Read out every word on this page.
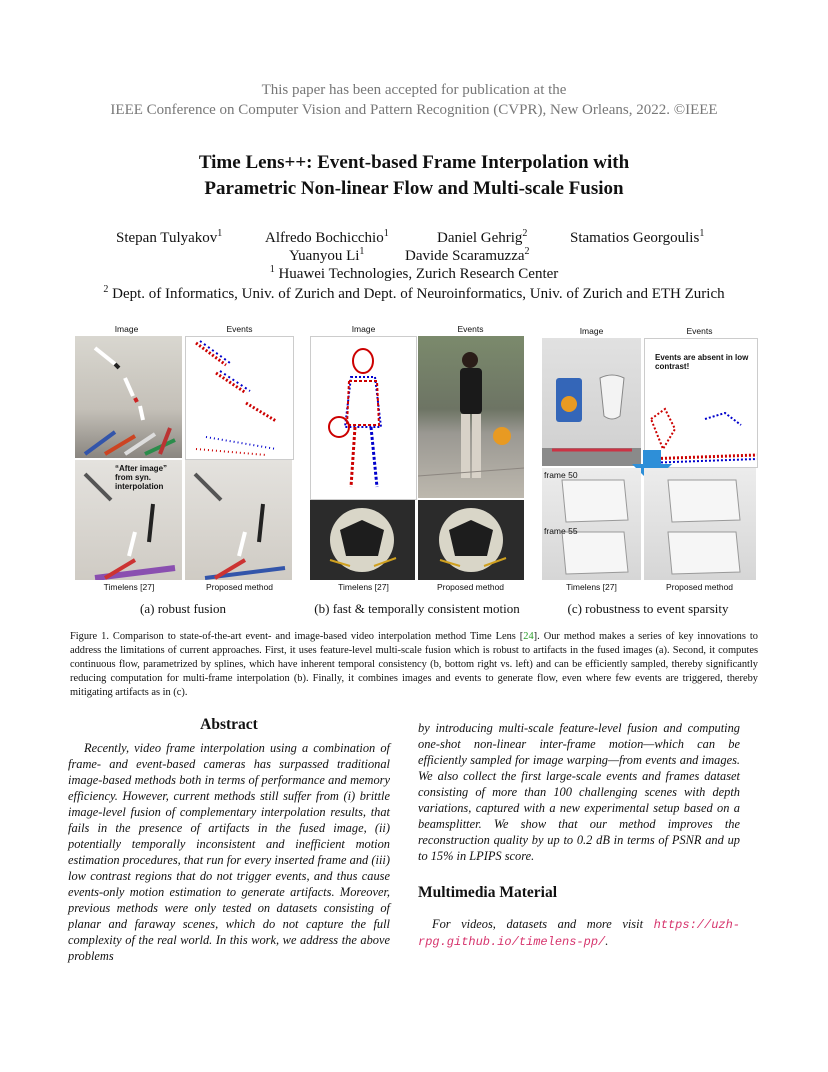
This paper has been accepted for publication at the
IEEE Conference on Computer Vision and Pattern Recognition (CVPR), New Orleans, 2022. ©IEEE
Time Lens++: Event-based Frame Interpolation with
Parametric Non-linear Flow and Multi-scale Fusion
Stepan Tulyakov$^1$	Alfredo Bochicchio$^1$	Daniel Gehrig$^2$	Stamatios Georgoulis$^1$
Yuanyou Li$^1$	Davide Scaramuzza$^2$
$^1$ Huawei Technologies, Zurich Research Center
$^2$ Dept. of Informatics, Univ. of Zurich and Dept. of Neuroinformatics, Univ. of Zurich and ETH Zurich
Image	Events
“After image” from syn. interpolation
Timelens [27]	Proposed method
(a) robust fusion
Image	Events
Timelens [27]	Proposed method
(b) fast & temporally consistent motion
Image	Events
Events are absent in low contrast!
frame 50
frame 55
Timelens [27]	Proposed method
(c) robustness to event sparsity
Figure 1. Comparison to state-of-the-art event- and image-based video interpolation method Time Lens [24]. Our method makes a series of key innovations to address the limitations of current approaches. First, it uses feature-level multi-scale fusion which is robust to artifacts in the fused images (a). Second, it computes continuous flow, parametrized by splines, which have inherent temporal consistency (b, bottom right vs. left) and can be efficiently sampled, thereby significantly reducing computation for multi-frame interpolation (b). Finally, it combines images and events to generate flow, even where few events are triggered, thereby mitigating artifacts as in (c).
Abstract
Recently, video frame interpolation using a combination of frame- and event-based cameras has surpassed traditional image-based methods both in terms of performance and memory efficiency. However, current methods still suffer from (i) brittle image-level fusion of complementary interpolation results, that fails in the presence of artifacts in the fused image, (ii) potentially temporally inconsistent and inefficient motion estimation procedures, that run for every inserted frame and (iii) low contrast regions that do not trigger events, and thus cause events-only motion estimation to generate artifacts. Moreover, previous methods were only tested on datasets consisting of planar and faraway scenes, which do not capture the full complexity of the real world. In this work, we address the above problems
by introducing multi-scale feature-level fusion and computing one-shot non-linear inter-frame motion—which can be efficiently sampled for image warping—from events and images. We also collect the first large-scale events and frames dataset consisting of more than 100 challenging scenes with depth variations, captured with a new experimental setup based on a beamsplitter. We show that our method improves the reconstruction quality by up to 0.2 dB in terms of PSNR and up to 15% in LPIPS score.
Multimedia Material
For videos, datasets and more visit https://uzh-rpg.github.io/timelens-pp/.
